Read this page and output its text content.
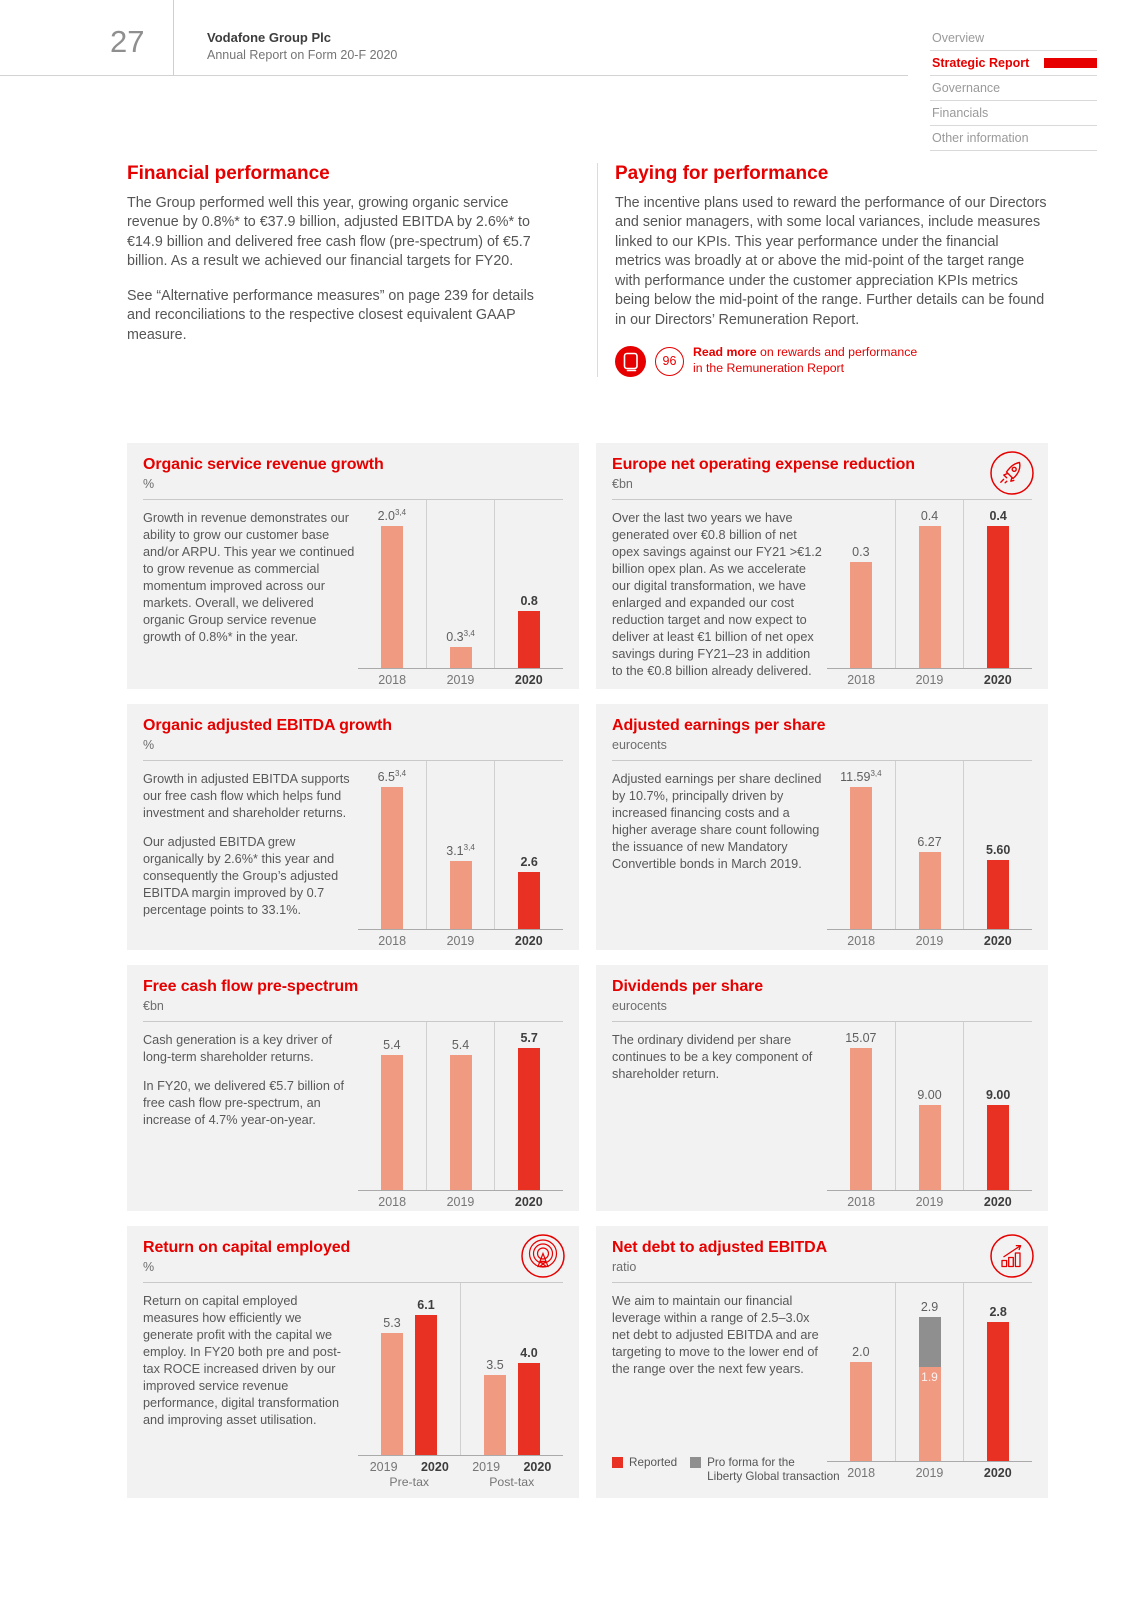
27	Vodafone Group Plc
Annual Report on Form 20-F 2020
Overview
Strategic Report
Governance
Financials
Other information
Financial performance

The Group performed well this year, growing organic service revenue by 0.8%* to €37.9 billion, adjusted EBITDA by 2.6%* to €14.9 billion and delivered free cash flow (pre-spectrum) of €5.7 billion. As a result we achieved our financial targets for FY20.

See “Alternative performance measures” on page 239 for details and reconciliations to the respective closest equivalent GAAP measure.

Paying for performance

The incentive plans used to reward the performance of our Directors and senior managers, with some local variances, include measures linked to our KPIs. This year performance under the financial metrics was broadly at or above the mid-point of the target range with performance under the customer appreciation KPIs metrics being below the mid-point of the range. Further details can be found in our Directors’ Remuneration Report.

96
Read more on rewards and performance
in the Remuneration Report
Organic service revenue growth
%

Growth in revenue demonstrates our ability to grow our customer base and/or ARPU. This year we continued to grow revenue as commercial momentum improved across our markets. Overall, we delivered organic Group service revenue growth of 0.8%* in the year.

2.0$^{3,4}$
0.3$^{3,4}$
0.8
2018	2019	2020
Europe net operating expense reduction
€bn

Over the last two years we have generated over €0.8 billion of net opex savings against our FY21 >€1.2 billion opex plan. As we accelerate our digital transformation, we have enlarged and expanded our cost reduction target and now expect to deliver at least €1 billion of net opex savings during FY21–23 in addition to the €0.8 billion already delivered.

0.3
0.4	0.4
2018	2019	2020
Organic adjusted EBITDA growth
%

Growth in adjusted EBITDA supports our free cash flow which helps fund investment and shareholder returns.

Our adjusted EBITDA grew organically by 2.6%* this year and consequently the Group’s adjusted EBITDA margin improved by 0.7 percentage points to 33.1%.

6.5$^{3,4}$
3.1$^{3,4}$
2.6
2018	2019	2020
Adjusted earnings per share
eurocents

Adjusted earnings per share declined by 10.7%, principally driven by increased financing costs and a higher average share count following the issuance of new Mandatory Convertible bonds in March 2019.

11.59$^{3,4}$
6.27
5.60
2018	2019	2020
Free cash flow pre-spectrum
€bn

Cash generation is a key driver of long-term shareholder returns.

In FY20, we delivered €5.7 billion of free cash flow pre-spectrum, an increase of 4.7% year-on-year.

5.4	5.4	5.7
2018	2019	2020
Dividends per share
eurocents

The ordinary dividend per share continues to be a key component of shareholder return.

15.07
9.00	9.00
2018	2019	2020
Return on capital employed
%

Return on capital employed measures how efficiently we generate profit with the capital we employ. In FY20 both pre and post-tax ROCE increased driven by our improved service revenue performance, digital transformation and improving asset utilisation.

5.3
6.1
3.5
4.0
2019	2020
Pre-tax
2019	2020
Post-tax
Net debt to adjusted EBITDA
ratio

We aim to maintain our financial leverage within a range of 2.5–3.0x net debt to adjusted EBITDA and are targeting to move to the lower end of the range over the next few years.

2.0
2.9
1.9
2.8
2018	2019	2020
Reported	Pro forma for the
Liberty Global transaction
